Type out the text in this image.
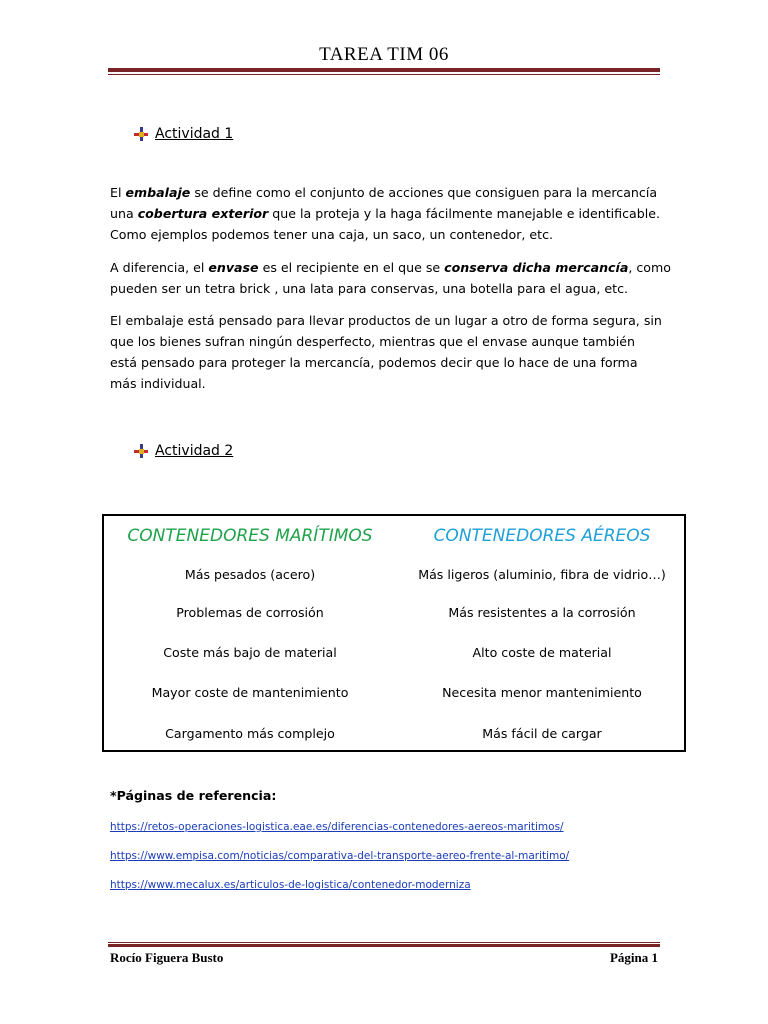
TAREA TIM 06
Actividad 1
El embalaje se define como el conjunto de acciones que consiguen para la mercancía
una cobertura exterior que la proteja y la haga fácilmente manejable e identificable.
Como ejemplos podemos tener una caja, un saco, un contenedor, etc.
A diferencia, el envase es el recipiente en el que se conserva dicha mercancía, como
pueden ser un tetra brick , una lata para conservas, una botella para el agua, etc.
El embalaje está pensado para llevar productos de un lugar a otro de forma segura, sin
que los bienes sufran ningún desperfecto, mientras que el envase aunque también
está pensado para proteger la mercancía, podemos decir que lo hace de una forma
más individual.
Actividad 2
CONTENEDORES MARÍTIMOS	CONTENEDORES AÉREOS
Más pesados (acero)	Más ligeros (aluminio, fibra de vidrio…)
Problemas de corrosión	Más resistentes a la corrosión
Coste más bajo de material	Alto coste de material
Mayor coste de mantenimiento	Necesita menor mantenimiento
Cargamento más complejo	Más fácil de cargar
*Páginas de referencia:
https://retos-operaciones-logistica.eae.es/diferencias-contenedores-aereos-maritimos/
https://www.empisa.com/noticias/comparativa-del-transporte-aereo-frente-al-maritimo/
https://www.mecalux.es/articulos-de-logistica/contenedor-moderniza
Rocío Figuera Busto	Página 1
